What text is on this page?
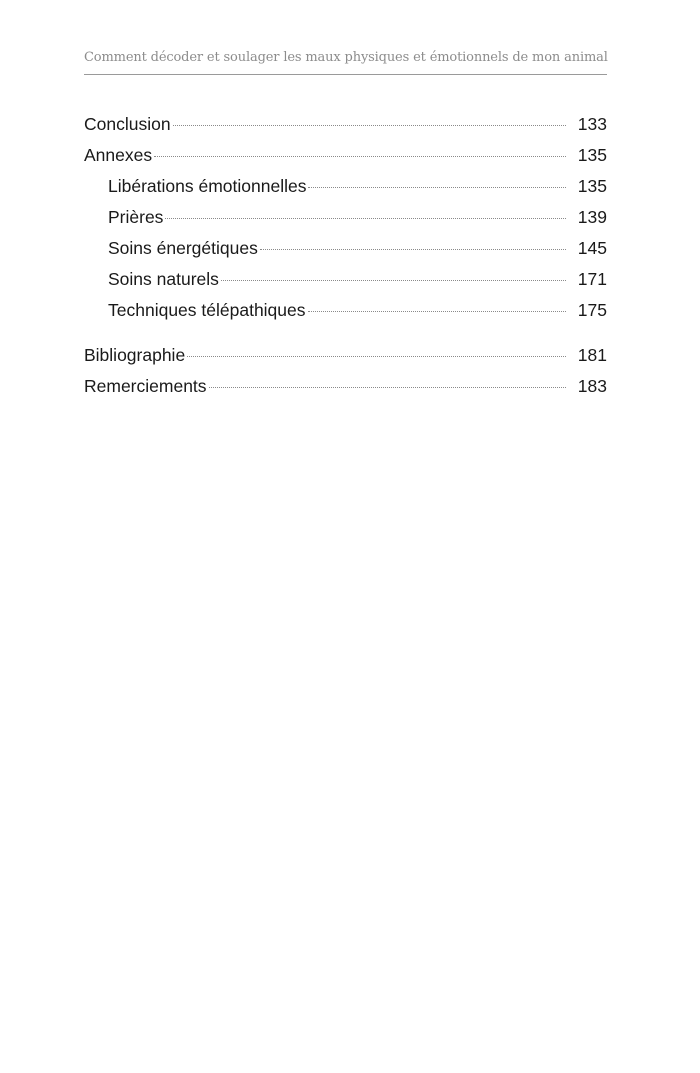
Comment décoder et soulager les maux physiques et émotionnels de mon animal
Conclusion	133
Annexes	135
Libérations émotionnelles	135
Prières	139
Soins énergétiques	145
Soins naturels	171
Techniques télépathiques	175
Bibliographie	181
Remerciements	183
